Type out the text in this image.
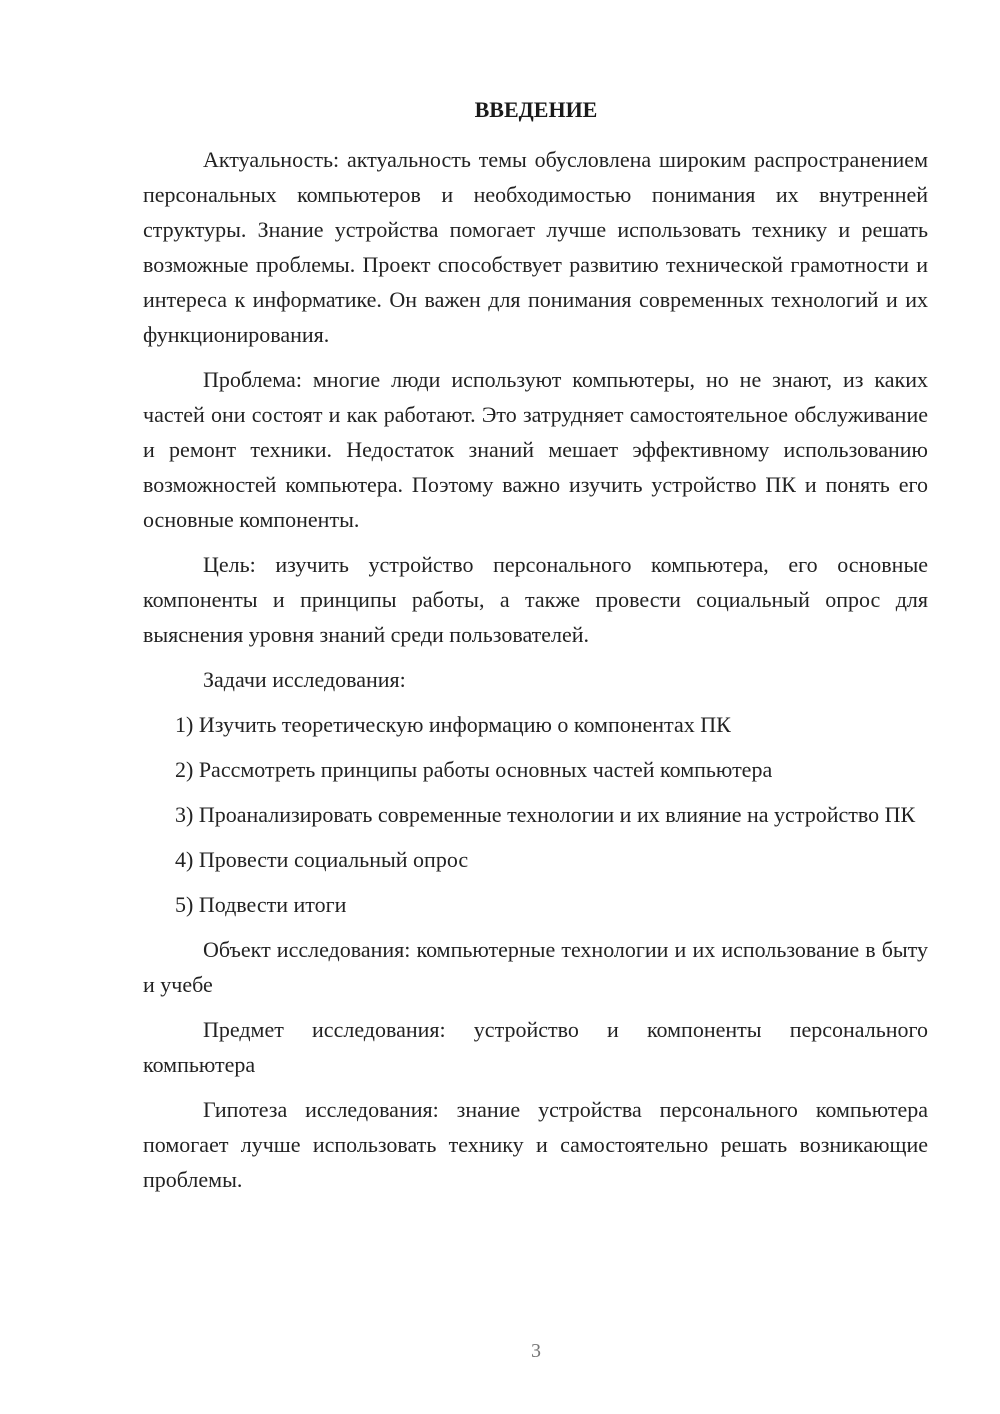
ВВЕДЕНИЕ

Актуальность: актуальность темы обусловлена широким распространением персональных компьютеров и необходимостью понимания их внутренней структуры. Знание устройства помогает лучше использовать технику и решать возможные проблемы. Проект способствует развитию технической грамотности и интереса к информатике. Он важен для понимания современных технологий и их функционирования.

Проблема: многие люди используют компьютеры, но не знают, из каких частей они состоят и как работают. Это затрудняет самостоятельное обслуживание и ремонт техники. Недостаток знаний мешает эффективному использованию возможностей компьютера. Поэтому важно изучить устройство ПК и понять его основные компоненты.

Цель: изучить устройство персонального компьютера, его основные компоненты и принципы работы, а также провести социальный опрос для выяснения уровня знаний среди пользователей.

Задачи исследования:

1) Изучить теоретическую информацию о компонентах ПК

2) Рассмотреть принципы работы основных частей компьютера

3) Проанализировать современные технологии и их влияние на устройство ПК

4) Провести социальный опрос

5) Подвести итоги

Объект исследования: компьютерные технологии и их использование в быту и учебе

Предмет исследования: устройство и компоненты персонального компьютера

Гипотеза исследования: знание устройства персонального компьютера помогает лучше использовать технику и самостоятельно решать возникающие проблемы.

3
